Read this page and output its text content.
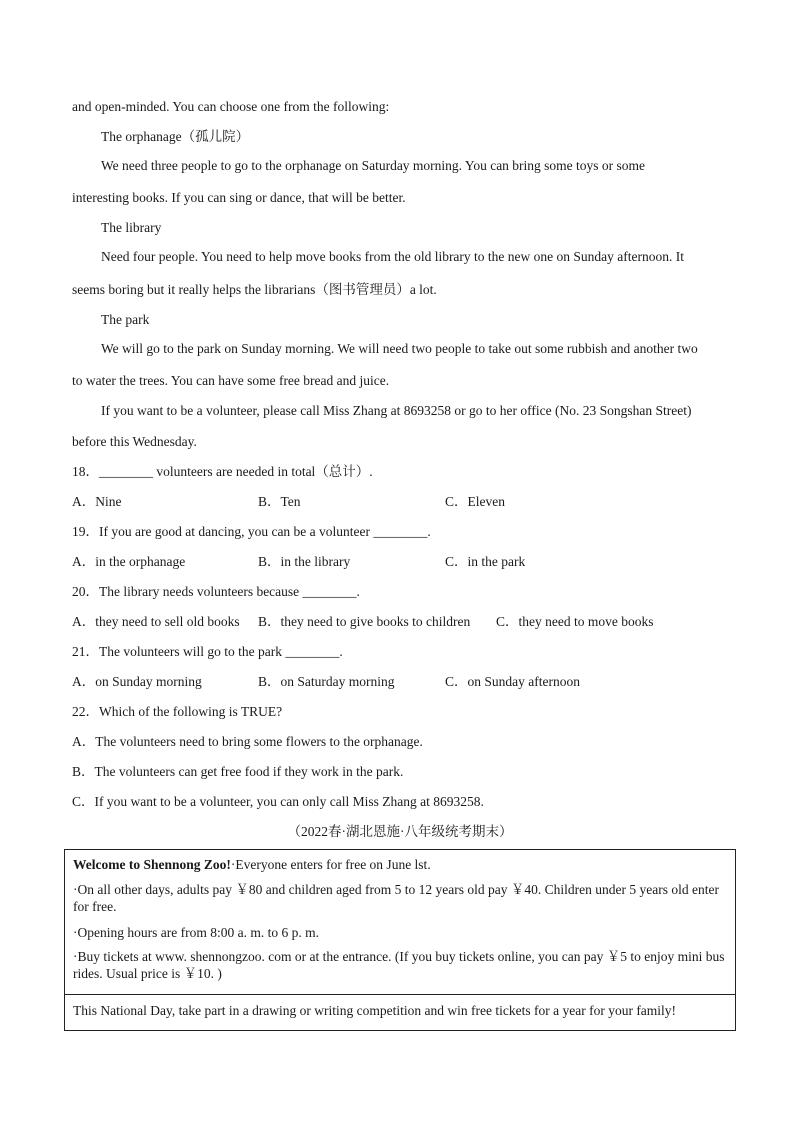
and open-minded. You can choose one from the following:
The orphanage（孤儿院）
We need three people to go to the orphanage on Saturday morning. You can bring some toys or some
interesting books. If you can sing or dance, that will be better.
The library
Need four people. You need to help move books from the old library to the new one on Sunday afternoon. It
seems boring but it really helps the librarians（图书管理员）a lot.
The park
We will go to the park on Sunday morning. We will need two people to take out some rubbish and another two
to water the trees. You can have some free bread and juice.
If you want to be a volunteer, please call Miss Zhang at 8693258 or go to her office (No. 23 Songshan Street)
before this Wednesday.
18．________ volunteers are needed in total（总计）.
A．Nine	B．Ten	C．Eleven
19．If you are good at dancing, you can be a volunteer ________.
A．in the orphanage	B．in the library	C．in the park
20．The library needs volunteers because ________.
A．they need to sell old books B．they need to give books to children C．they need to move books
21．The volunteers will go to the park ________.
A．on Sunday morning	B．on Saturday morning	C．on Sunday afternoon
22．Which of the following is TRUE?
A．The volunteers need to bring some flowers to the orphanage.
B．The volunteers can get free food if they work in the park.
C．If you want to be a volunteer, you can only call Miss Zhang at 8693258.
（2022春·湖北恩施·八年级统考期末）
Welcome to Shennong Zoo!·Everyone enters for free on June lst.
·On all other days, adults pay ￥80 and children aged from 5 to 12 years old pay ￥40. Children under 5 years old enter for free.
·Opening hours are from 8:00 a. m. to 6 p. m.
·Buy tickets at www. shennongzoo. com or at the entrance. (If you buy tickets online, you can pay ￥5 to enjoy mini bus rides. Usual price is ￥10. )
This National Day, take part in a drawing or writing competition and win free tickets for a year for your family!
